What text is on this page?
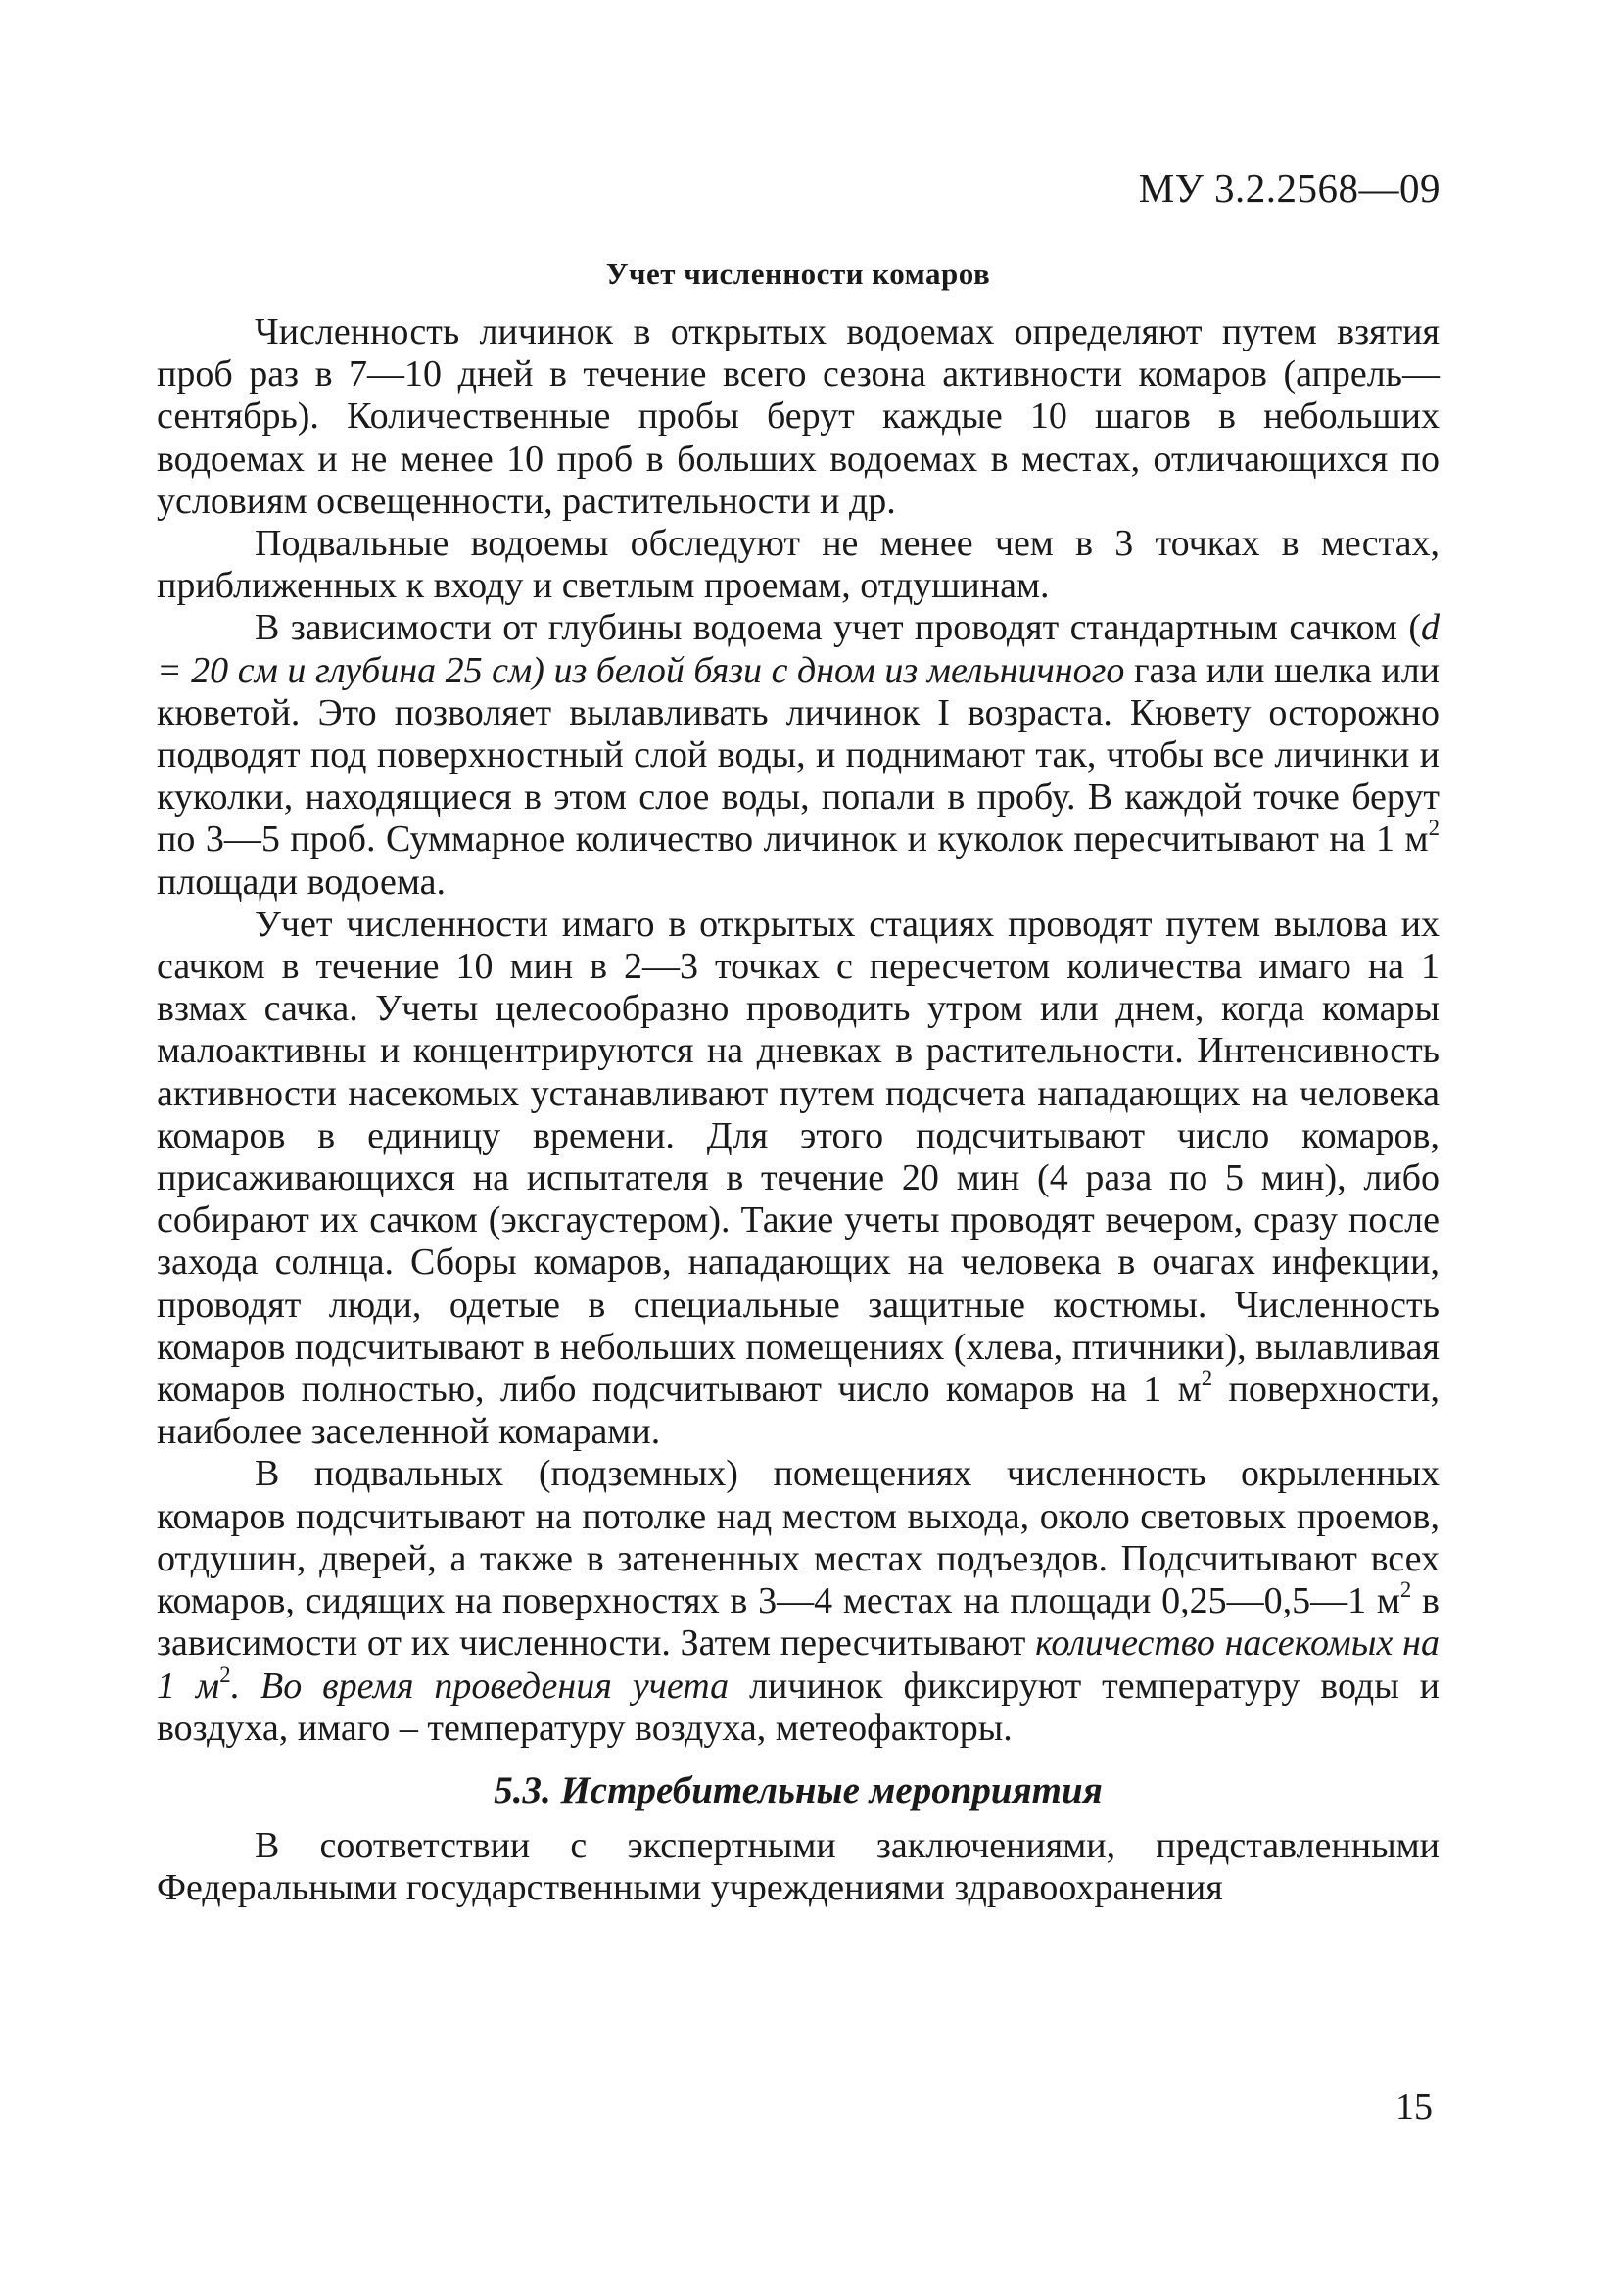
МУ 3.2.2568—09
Учет численности комаров

Численность личинок в открытых водоемах определяют путем взятия проб раз в 7—10 дней в течение всего сезона активности комаров (апрель—сентябрь). Количественные пробы берут каждые 10 шагов в небольших водоемах и не менее 10 проб в больших водоемах в местах, отличающихся по условиям освещенности, растительности и др.

Подвальные водоемы обследуют не менее чем в 3 точках в местах, приближенных к входу и светлым проемам, отдушинам.

В зависимости от глубины водоема учет проводят стандартным сачком (d = 20 см и глубина 25 см) из белой бязи с дном из мельничного газа или шелка или кюветой. Это позволяет вылавливать личинок I возраста. Кювету осторожно подводят под поверхностный слой воды, и поднимают так, чтобы все личинки и куколки, находящиеся в этом слое воды, попали в пробу. В каждой точке берут по 3—5 проб. Суммарное количество личинок и куколок пересчитывают на 1 $м^2$ площади водоема.

Учет численности имаго в открытых стациях проводят путем вылова их сачком в течение 10 мин в 2—3 точках с пересчетом количества имаго на 1 взмах сачка. Учеты целесообразно проводить утром или днем, когда комары малоактивны и концентрируются на дневках в растительности. Интенсивность активности насекомых устанавливают путем подсчета нападающих на человека комаров в единицу времени. Для этого подсчитывают число комаров, присаживающихся на испытателя в течение 20 мин (4 раза по 5 мин), либо собирают их сачком (эксгаустером). Такие учеты проводят вечером, сразу после захода солнца. Сборы комаров, нападающих на человека в очагах инфекции, проводят люди, одетые в специальные защитные костюмы. Численность комаров подсчитывают в небольших помещениях (хлева, птичники), вылавливая комаров полностью, либо подсчитывают число комаров на 1 $м^2$ поверхности, наиболее заселенной комарами.

В подвальных (подземных) помещениях численность окрыленных комаров подсчитывают на потолке над местом выхода, около световых проемов, отдушин, дверей, а также в затененных местах подъездов. Подсчитывают всех комаров, сидящих на поверхностях в 3—4 местах на площади 0,25—0,5—1 $м^2$ в зависимости от их численности. Затем пересчитывают количество насекомых на 1 $м^2$. Во время проведения учета личинок фиксируют температуру воды и воздуха, имаго – температуру воздуха, метеофакторы.

5.3. Истребительные мероприятия

В соответствии с экспертными заключениями, представленными Федеральными государственными учреждениями здравоохранения

15
